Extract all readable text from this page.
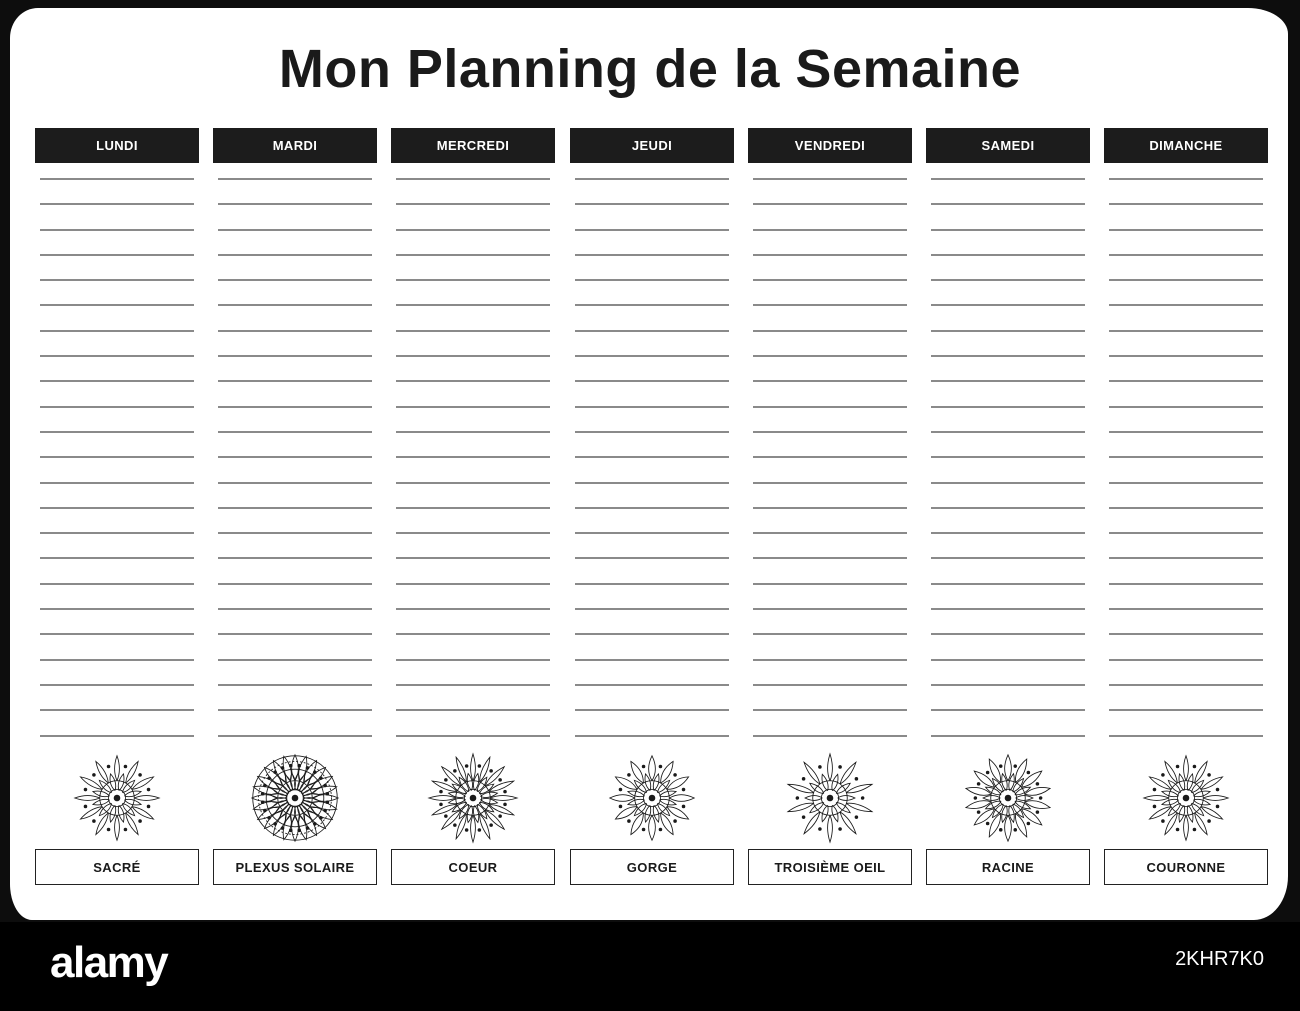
Mon Planning de la Semaine
LUNDI
SACRÉ
MARDI
PLEXUS SOLAIRE
MERCREDI
COEUR
JEUDI
GORGE
VENDREDI
TROISIÈME OEIL
SAMEDI
RACINE
DIMANCHE
COURONNE
alamy	2KHR7K0
